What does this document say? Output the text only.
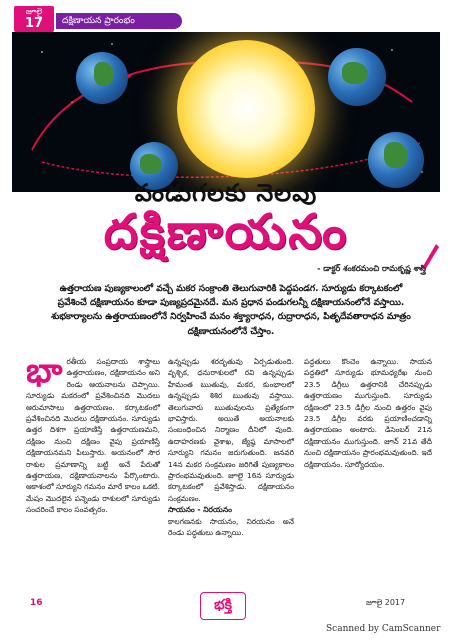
జూలై
17	దక్షిణాయన ప్రారంభం
పండుగలకు నెలవు
దక్షిణాయనం
- డాక్టర్ శంకరమంచి రామకృష్ణ శాస్త్రి

ఉత్తరాయణ పుణ్యకాలంలో వచ్చే మకర సంక్రాంతి తెలుగువారికి పెద్దపండగ. సూర్యుడు కర్కాటకంలో ప్రవేశించే దక్షిణాయనం కూడా పుణ్యప్రదమైనదే. మన ప్రధాన పండుగలన్నీ దక్షిణాయనంలోనే వస్తాయి. శుభకార్యాలను ఉత్తరాయణంలోనే నిర్వహించే మనం శక్త్యారాధన, రుద్రారాధన, పితృదేవతారాధన మాత్రం దక్షిణాయనంలోనే చేస్తాం.

భా రతీయ సంప్రదాయ శాస్త్రాలు ఉత్తరాయణం, దక్షిణాయనం అని రెండు ఆయనాలను చెప్పాయి. సూర్యుడు మకరంలో ప్రవేశించినది మొదలు ఆరుమాసాలు ఉత్తరాయణం. కర్కాటకంలో ప్రవేశించినది మొదలు దక్షిణాయనం. సూర్యుడు ఉత్తర దిశగా ప్రయాణిస్తే ఉత్తరాయణమని, దక్షిణం నుంచి దక్షిణం వైపు ప్రయాణిస్తే దక్షిణాయనమని పిలుస్తారు. అయనంలో సౌర రాశుల ప్రమాణాన్ని బట్టి అనే పేరుతో ఉత్తరాయణ, దక్షిణాయనాలను పేర్కొంటారు. ఆకాశంలో సూర్యుని గమనం మారే కాలం ఒకటి. మేషం మొదలైన పన్నెండు రాశులలో సూర్యుడు సంచరించే కాలం సంవత్సరం.

ఉన్నప్పుడు శరదృతువు ఏర్పడుతుంది. వృశ్చిక, ధనురాశులలో రవి ఉన్నప్పుడు హేమంత ఋతువు, మకర, కుంభాలలో ఉన్నప్పుడు శిశిర ఋతువు వస్తాయి. తెలుగువారు ఋతువులను ప్రత్యేకంగా భావిస్తారు. అయితే అయనాలకు సంబంధించిన నిర్మాణం దీనిలో వుంది. ఉదాహరణకు వైశాఖ, జ్యేష్ఠ మాసాలలో సూర్యుని గమనం జరుగుతుంది. జనవరి 14న మకర సంక్రమణం జరిగితే పుణ్యకాలం ప్రారంభమవుతుంది. జూలై 16న సూర్యుడు కర్కాటకంలో ప్రవేశిస్తాడు. దక్షిణాయనం సంక్రమణం.

సాయనం - నిరయనం

కాలగణనకు సాయనం, నిరయనం అనే రెండు పద్ధతులు ఉన్నాయి.

పద్ధతులు కొంచెం ఉన్నాయి. సాయన పద్ధతిలో సూర్యుడు భూమధ్యరేఖ నుంచి 23.5 డిగ్రీలు ఉత్తరానికి చేరినప్పుడు ఉత్తరాయణం ముగుస్తుంది. సూర్యుడు దక్షిణంలో 23.5 డిగ్రీల నుంచి ఉత్తరం వైపు 23.5 డిగ్రీల వరకు ప్రయాణించడాన్ని ఉత్తరాయణం అంటారు. డిసెంబర్ 21న దక్షిణాయనం ముగుస్తుంది. జూన్ 21వ తేదీ నుంచి దక్షిణాయనం ప్రారంభమవుతుంది. ఇదే దక్షిణాయనం. సూర్యోదయం.

16	భక్తి	జూలై 2017
Scanned by CamScanner
